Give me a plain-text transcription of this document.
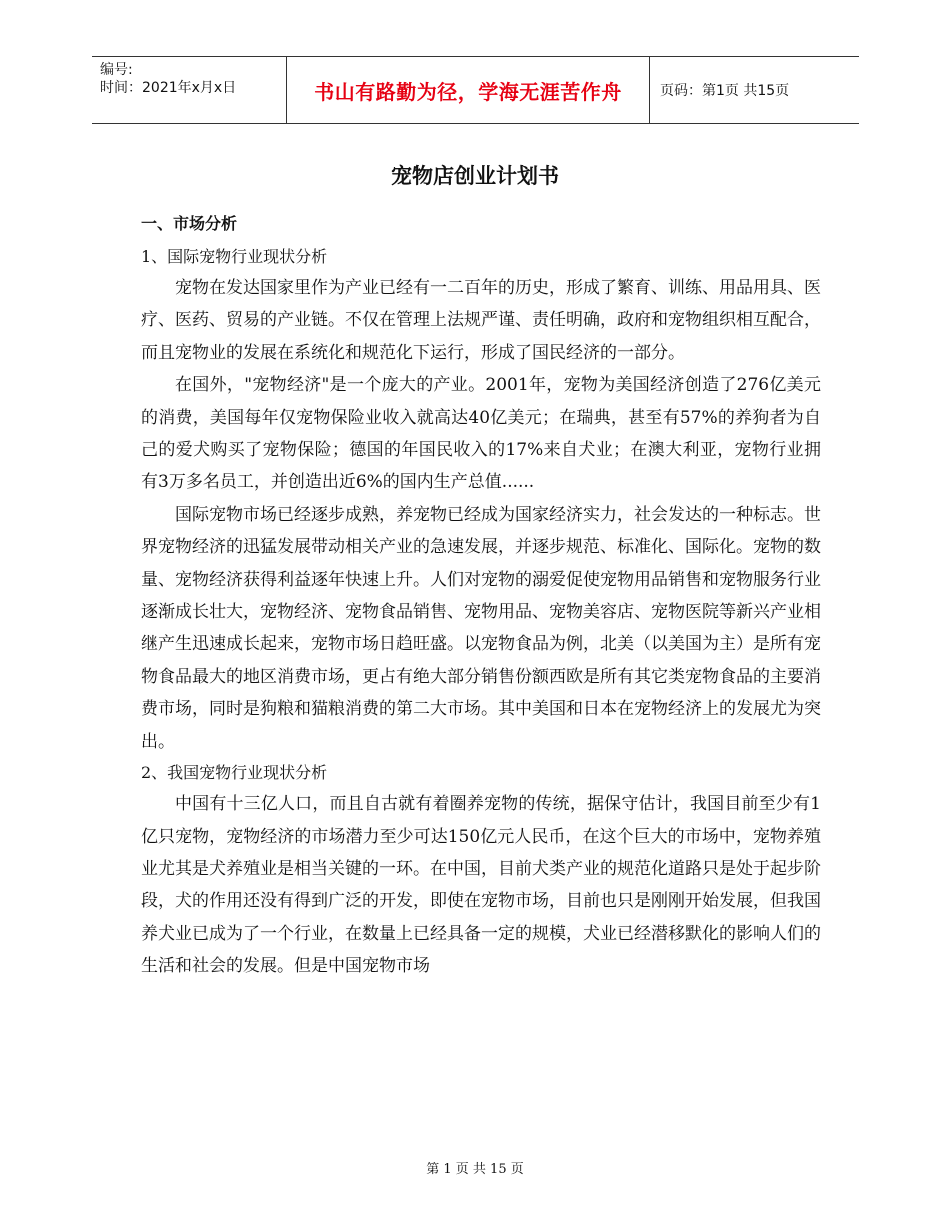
编号:
时间：2021年x月x日	书山有路勤为径，学海无涯苦作舟	页码：第1页 共15页
宠物店创业计划书
一、市场分析
1、国际宠物行业现状分析
宠物在发达国家里作为产业已经有一二百年的历史，形成了繁育、训练、用品用具、医疗、医药、贸易的产业链。不仅在管理上法规严谨、责任明确，政府和宠物组织相互配合，而且宠物业的发展在系统化和规范化下运行，形成了国民经济的一部分。
在国外，"宠物经济"是一个庞大的产业。2001年，宠物为美国经济创造了276亿美元的消费，美国每年仅宠物保险业收入就高达40亿美元；在瑞典，甚至有57%的养狗者为自己的爱犬购买了宠物保险；德国的年国民收入的17%来自犬业；在澳大利亚，宠物行业拥有3万多名员工，并创造出近6%的国内生产总值......
国际宠物市场已经逐步成熟，养宠物已经成为国家经济实力，社会发达的一种标志。世界宠物经济的迅猛发展带动相关产业的急速发展，并逐步规范、标准化、国际化。宠物的数量、宠物经济获得利益逐年快速上升。人们对宠物的溺爱促使宠物用品销售和宠物服务行业逐渐成长壮大，宠物经济、宠物食品销售、宠物用品、宠物美容店、宠物医院等新兴产业相继产生迅速成长起来，宠物市场日趋旺盛。以宠物食品为例，北美（以美国为主）是所有宠物食品最大的地区消费市场，更占有绝大部分销售份额西欧是所有其它类宠物食品的主要消费市场，同时是狗粮和猫粮消费的第二大市场。其中美国和日本在宠物经济上的发展尤为突出。
2、我国宠物行业现状分析
中国有十三亿人口，而且自古就有着圈养宠物的传统，据保守估计，我国目前至少有1亿只宠物，宠物经济的市场潜力至少可达150亿元人民币，在这个巨大的市场中，宠物养殖业尤其是犬养殖业是相当关键的一环。在中国，目前犬类产业的规范化道路只是处于起步阶段，犬的作用还没有得到广泛的开发，即使在宠物市场，目前也只是刚刚开始发展，但我国养犬业已成为了一个行业，在数量上已经具备一定的规模，犬业已经潜移默化的影响人们的生活和社会的发展。但是中国宠物市场
第 1 页 共 15 页
